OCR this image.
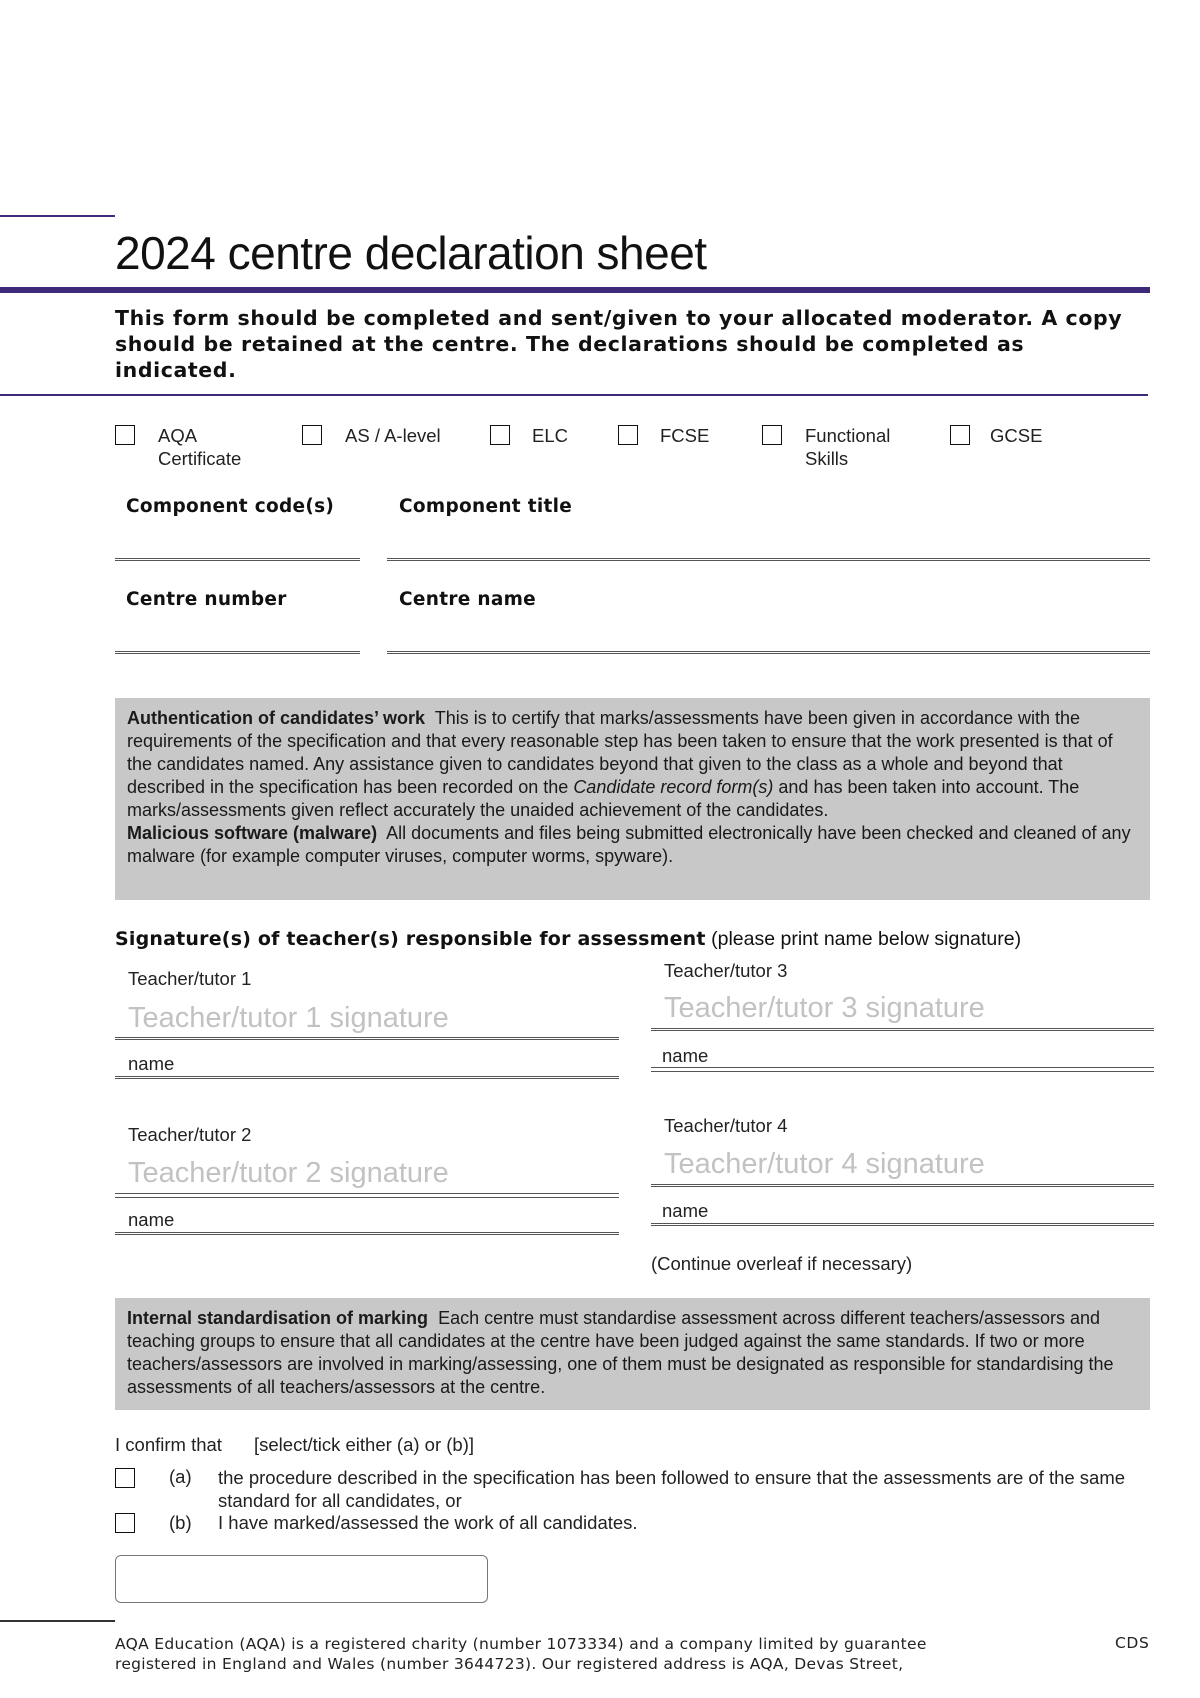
2024 centre declaration sheet
This form should be completed and sent/given to your allocated moderator. A copy should be retained at the centre. The declarations should be completed as indicated.
AQA Certificate
AS / A-level	ELC	FCSE	Functional Skills
GCSE
Component code(s)	Component title
Centre number	Centre name
Authentication of candidates’ work This is to certify that marks/assessments have been given in accordance with the requirements of the specification and that every reasonable step has been taken to ensure that the work presented is that of the candidates named. Any assistance given to candidates beyond that given to the class as a whole and beyond that described in the specification has been recorded on the Candidate record form(s) and has been taken into account. The marks/assessments given reflect accurately the unaided achievement of the candidates.
Malicious software (malware) All documents and files being submitted electronically have been checked and cleaned of any malware (for example computer viruses, computer worms, spyware).
Signature(s) of teacher(s) responsible for assessment (please print name below signature)
Teacher/tutor 1
Teacher/tutor 1 signature
name
Teacher/tutor 2
Teacher/tutor 2 signature
name
Teacher/tutor 3
Teacher/tutor 3 signature
name
Teacher/tutor 4
Teacher/tutor 4 signature
name
(Continue overleaf if necessary)
Internal standardisation of marking Each centre must standardise assessment across different teachers/assessors and teaching groups to ensure that all candidates at the centre have been judged against the same standards. If two or more teachers/assessors are involved in marking/assessing, one of them must be designated as responsible for standardising the assessments of all teachers/assessors at the centre.
I confirm that [select/tick either (a) or (b)]
(a) the procedure described in the specification has been followed to ensure that the assessments are of the same standard for all candidates, or
(b) I have marked/assessed the work of all candidates.
AQA Education (AQA) is a registered charity (number 1073334) and a company limited by guarantee registered in England and Wales (number 3644723). Our registered address is AQA, Devas Street,
CDS
